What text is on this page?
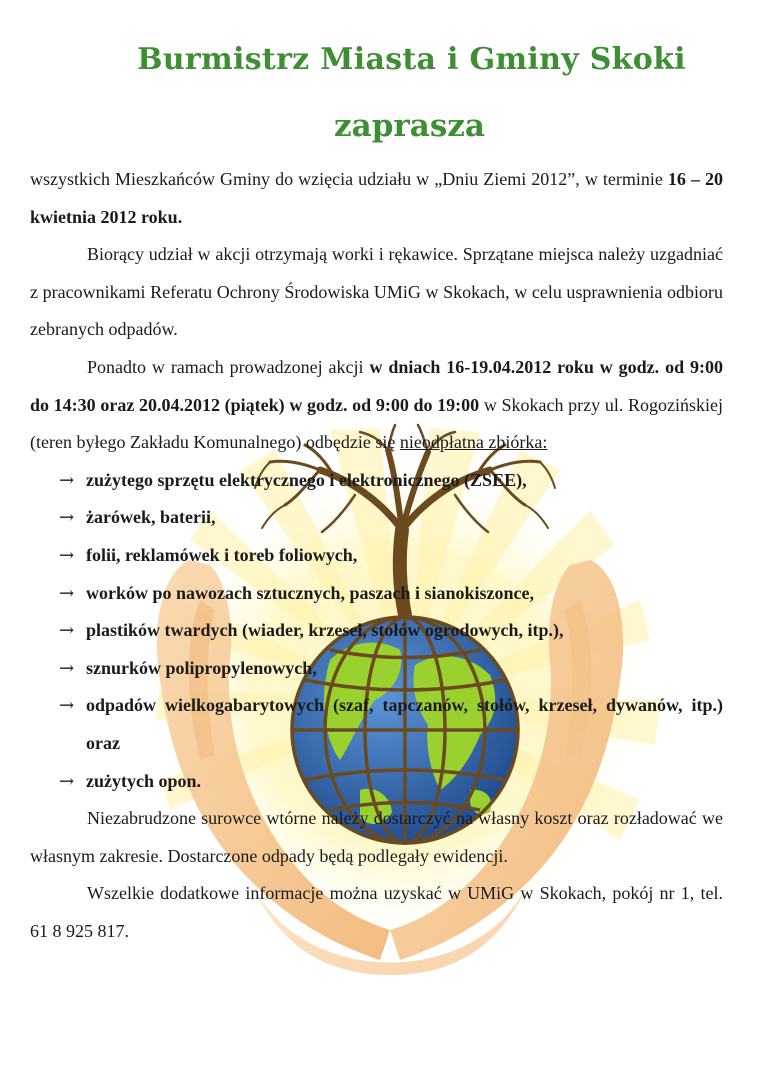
Burmistrz Miasta i Gminy Skoki
zaprasza

wszystkich Mieszkańców Gminy do wzięcia udziału w „Dniu Ziemi 2012”, w terminie 16 – 20 kwietnia 2012 roku.

Biorący udział w akcji otrzymają worki i rękawice. Sprzątane miejsca należy uzgadniać z pracownikami Referatu Ochrony Środowiska UMiG w Skokach, w celu usprawnienia odbioru zebranych odpadów.

Ponadto w ramach prowadzonej akcji w dniach 16-19.04.2012 roku w godz. od 9:00 do 14:30 oraz 20.04.2012 (piątek) w godz. od 9:00 do 19:00 w Skokach przy ul. Rogozińskiej (teren byłego Zakładu Komunalnego) odbędzie się nieodpłatna zbiórka:

→ zużytego sprzętu elektrycznego i elektronicznego (ZSEE),
→ żarówek, baterii,
→ folii, reklamówek i toreb foliowych,
→ worków po nawozach sztucznych, paszach i sianokiszonce,
→ plastików twardych (wiader, krzeseł, stołów ogrodowych, itp.),
→ sznurków polipropylenowych,
→ odpadów wielkogabarytowych (szaf, tapczanów, stołów, krzeseł, dywanów, itp.) oraz
→ zużytych opon.

Niezabrudzone surowce wtórne należy dostarczyć na własny koszt oraz rozładować we własnym zakresie. Dostarczone odpady będą podlegały ewidencji.

Wszelkie dodatkowe informacje można uzyskać w UMiG w Skokach, pokój nr 1, tel. 61 8 925 817.
